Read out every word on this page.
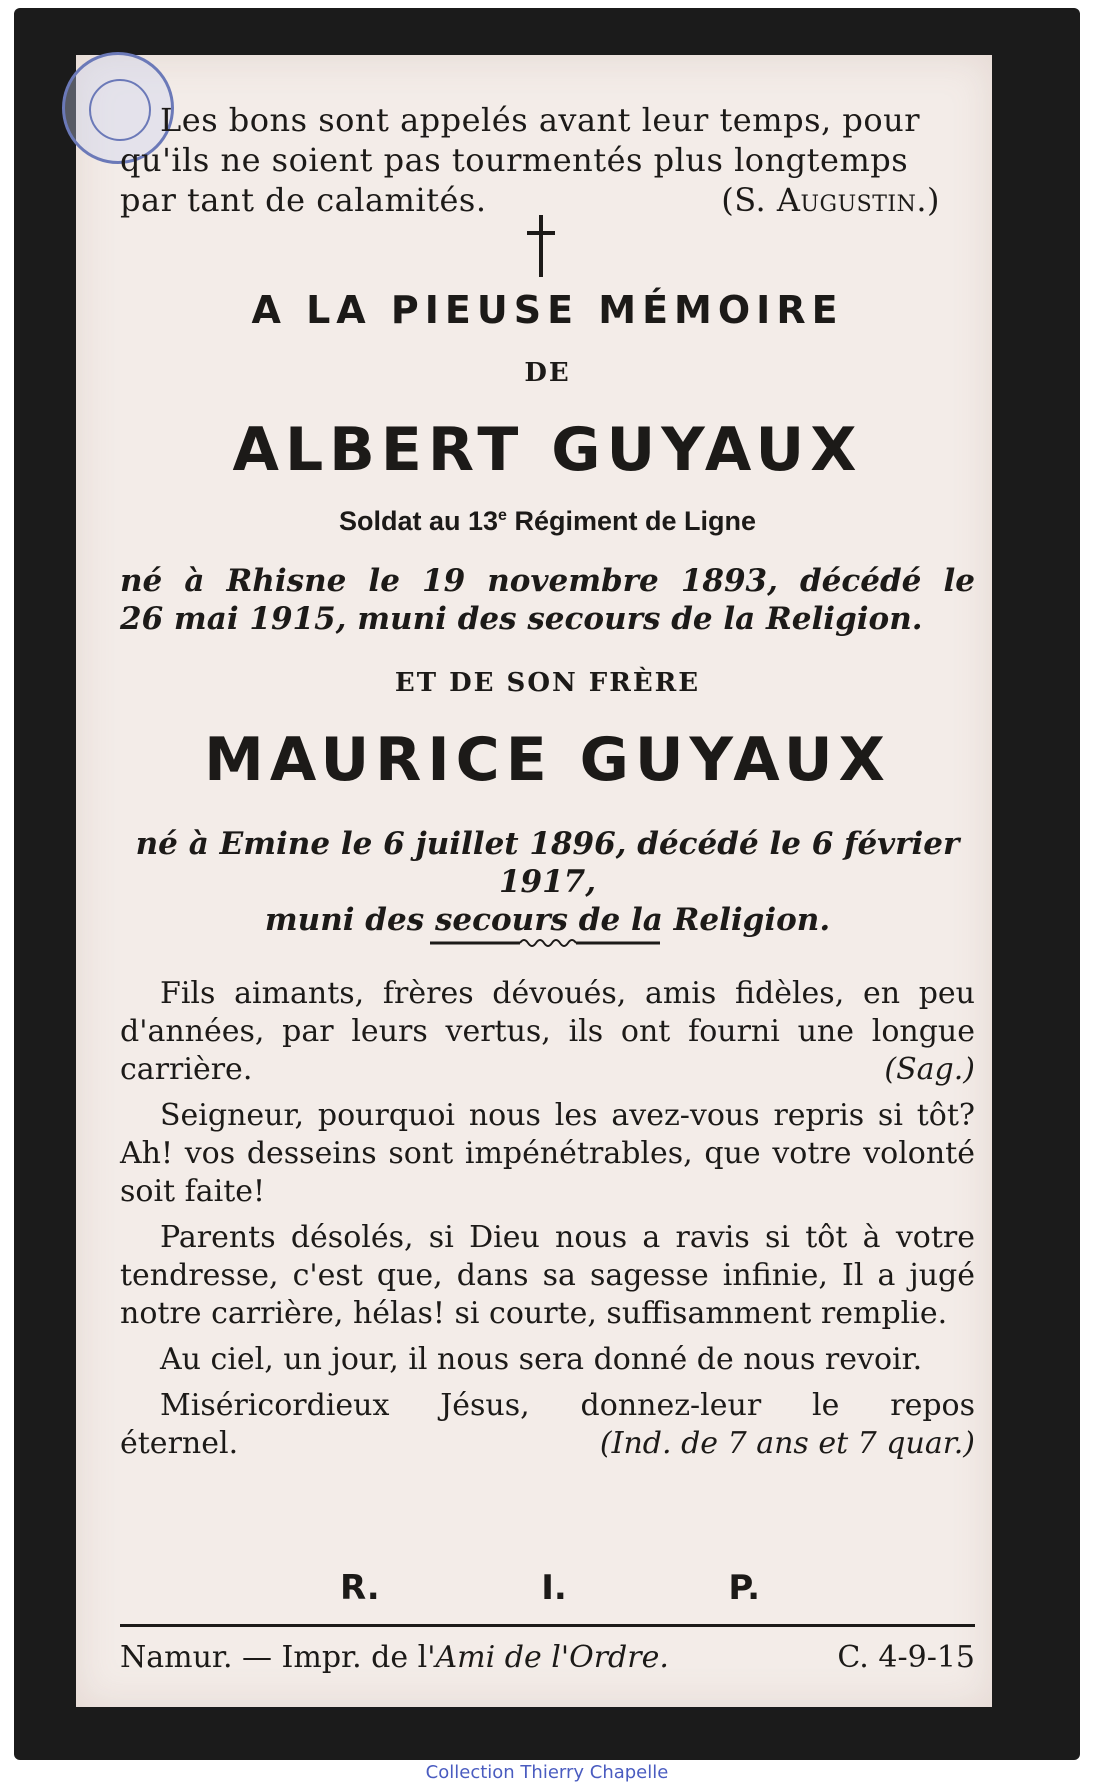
Les bons sont appelés avant leur temps, pour
qu'ils ne soient pas tourmentés plus longtemps
par tant de calamités.	(S. Augustin.)
A LA PIEUSE MÉMOIRE
DE
ALBERT GUYAUX
Soldat au 13e Régiment de Ligne
né à Rhisne le 19 novembre 1893, décédé le
26 mai 1915, muni des secours de la Religion.
ET DE SON FRÈRE
MAURICE GUYAUX
né à Emine le 6 juillet 1896, décédé le 6 février 1917,
muni des secours de la Religion.

Fils aimants, frères dévoués, amis fidèles, en peu d'années, par leurs vertus, ils ont fourni une longue carrière.	(Sag.)

Seigneur, pourquoi nous les avez-vous repris si tôt? Ah! vos desseins sont impénétrables, que votre volonté soit faite!

Parents désolés, si Dieu nous a ravis si tôt à votre tendresse, c'est que, dans sa sagesse infinie, Il a jugé notre carrière, hélas! si courte, suffisamment remplie.

Au ciel, un jour, il nous sera donné de nous revoir.

Miséricordieux Jésus, donnez-leur le repos
éternel.	(Ind. de 7 ans et 7 quar.)
R.	I.	P.
Namur. — Impr. de l'Ami de l'Ordre.	C. 4-9-15
Collection Thierry Chapelle
